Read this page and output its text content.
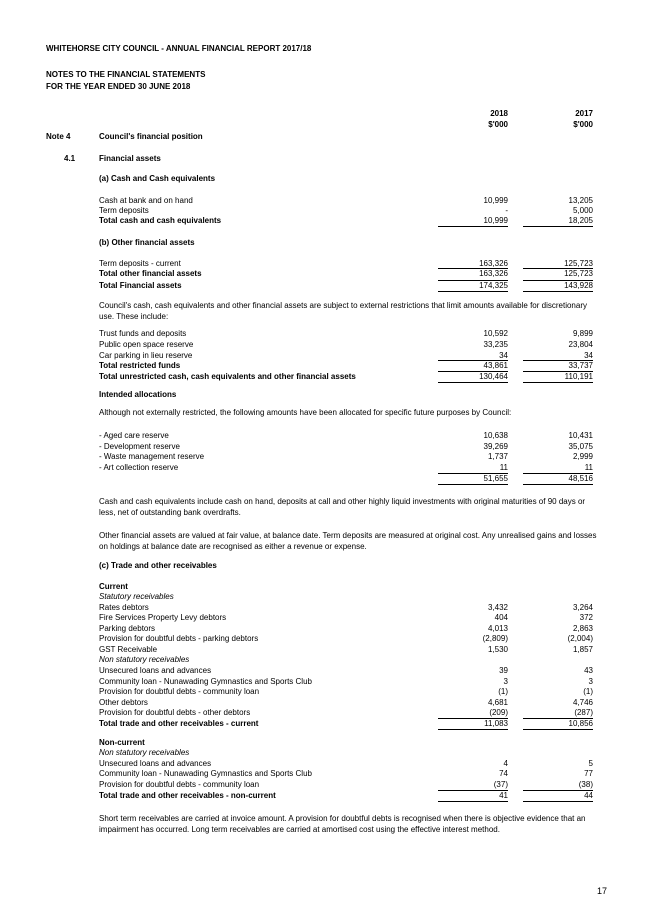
WHITEHORSE CITY COUNCIL - ANNUAL FINANCIAL REPORT 2017/18
NOTES TO THE FINANCIAL STATEMENTS
FOR THE YEAR ENDED 30 JUNE 2018
2018	2017
$'000	$'000
Note 4	Council's financial position
4.1	Financial assets
(a) Cash and Cash equivalents
Cash at bank and on hand	10,999	13,205
Term deposits	-	5,000
Total cash and cash equivalents	10,999	18,205
(b) Other financial assets
Term deposits - current	163,326	125,723
Total other financial assets	163,326	125,723
Total Financial assets	174,325	143,928
Council's cash, cash equivalents and other financial assets are subject to external restrictions that limit amounts available for discretionary use. These include:
Trust funds and deposits	10,592	9,899
Public open space reserve	33,235	23,804
Car parking in lieu reserve	34	34
Total restricted funds	43,861	33,737
Total unrestricted cash, cash equivalents and other financial assets	130,464	110,191
Intended allocations
Although not externally restricted, the following amounts have been allocated for specific future purposes by Council:
- Aged care reserve	10,638	10,431
- Development reserve	39,269	35,075
- Waste management reserve	1,737	2,999
- Art collection reserve	11	11
51,655	48,516
Cash and cash equivalents include cash on hand, deposits at call and other highly liquid investments with original maturities of 90 days or less, net of outstanding bank overdrafts.
Other financial assets are valued at fair value, at balance date. Term deposits are measured at original cost. Any unrealised gains and losses on holdings at balance date are recognised as either a revenue or expense.
(c) Trade and other receivables
Current
Statutory receivables
Rates debtors	3,432	3,264
Fire Services Property Levy debtors	404	372
Parking debtors	4,013	2,863
Provision for doubtful debts - parking debtors	(2,809)	(2,004)
GST Receivable	1,530	1,857
Non statutory receivables
Unsecured loans and advances	39	43
Community loan - Nunawading Gymnastics and Sports Club	3	3
Provision for doubtful debts - community loan	(1)	(1)
Other debtors	4,681	4,746
Provision for doubtful debts - other debtors	(209)	(287)
Total trade and other receivables - current	11,083	10,856
Non-current
Non statutory receivables
Unsecured loans and advances	4	5
Community loan - Nunawading Gymnastics and Sports Club	74	77
Provision for doubtful debts - community loan	(37)	(38)
Total trade and other receivables - non-current	41	44
Short term receivables are carried at invoice amount. A provision for doubtful debts is recognised when there is objective evidence that an impairment has occurred. Long term receivables are carried at amortised cost using the effective interest method.
17
